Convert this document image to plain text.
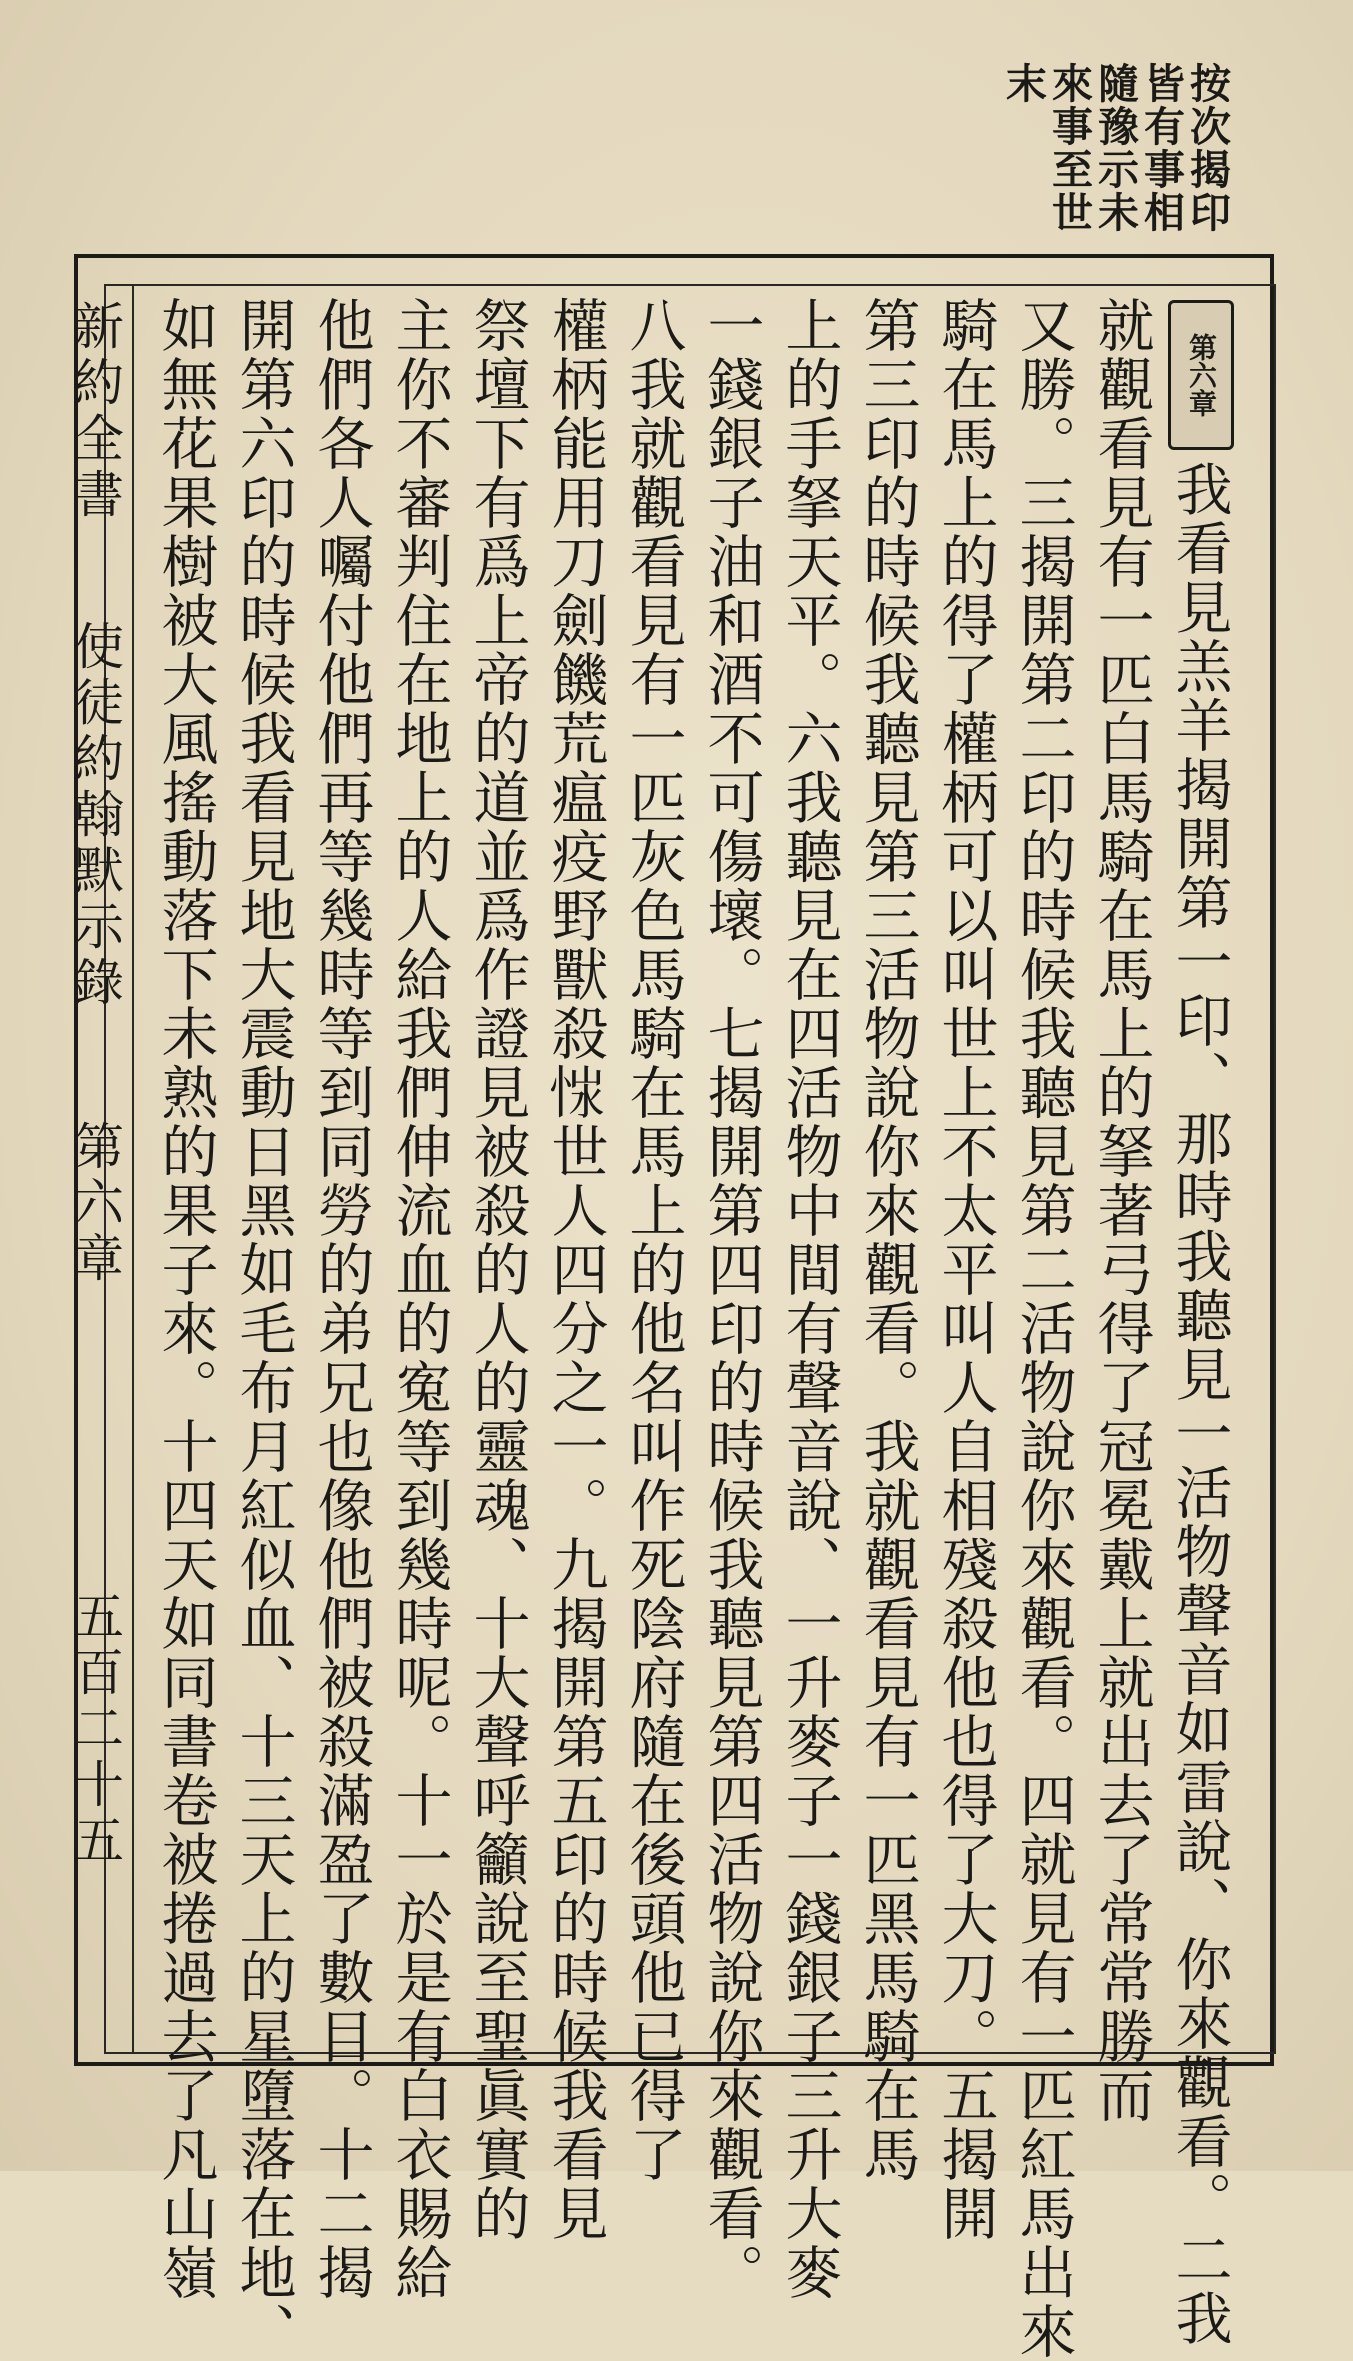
按次揭印
皆有事相
隨豫示未
來事至世
末
第六章
我看見羔羊揭開第一印、那時我聽見一活物聲音如雷說、你來觀看。二我
就觀看見有一匹白馬騎在馬上的拏著弓得了冠冕戴上就出去了常常勝而
又勝。三揭開第二印的時候我聽見第二活物說你來觀看。四就見有一匹紅馬出來
騎在馬上的得了權柄可以叫世上不太平叫人自相殘殺他也得了大刀。五揭開
第三印的時候我聽見第三活物說你來觀看。我就觀看見有一匹黑馬騎在馬
上的手拏天平。六我聽見在四活物中間有聲音說、一升麥子一錢銀子三升大麥
一錢銀子油和酒不可傷壞。七揭開第四印的時候我聽見第四活物說你來觀看。
八我就觀看見有一匹灰色馬騎在馬上的他名叫作死陰府隨在後頭他已得了
權柄能用刀劍饑荒瘟疫野獸殺𢚭世人四分之一。九揭開第五印的時候我看見
祭壇下有爲上帝的道並爲作證見被殺的人的靈魂、十大聲呼籲說至聖眞實的
主你不審判住在地上的人給我們伸流血的寃等到幾時呢。十一於是有白衣賜給
他們各人囑付他們再等幾時等到同勞的弟兄也像他們被殺滿盈了數目。十二揭
開第六印的時候我看見地大震動日黑如毛布月紅似血、十三天上的星墮落在地、
如無花果樹被大風搖動落下未熟的果子來。十四天如同書卷被捲過去了凡山嶺
新約全書
使徒約翰默示錄
第六章
五百二十五
